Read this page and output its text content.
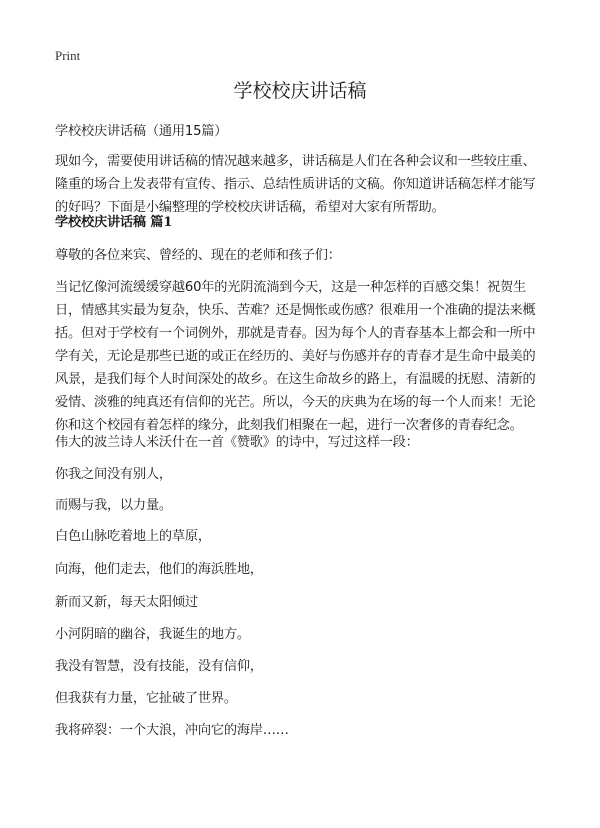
Print
学校校庆讲话稿

学校校庆讲话稿（通用15篇）

现如今，需要使用讲话稿的情况越来越多，讲话稿是人们在各种会议和一些较庄重、隆重的场合上发表带有宣传、指示、总结性质讲话的文稿。你知道讲话稿怎样才能写的好吗？下面是小编整理的学校校庆讲话稿，希望对大家有所帮助。

学校校庆讲话稿 篇1

尊敬的各位来宾、曾经的、现在的老师和孩子们：

当记忆像河流缓缓穿越60年的光阴流淌到今天，这是一种怎样的百感交集！祝贺生日，情感其实最为复杂，快乐、苦难？还是惆怅或伤感？很难用一个准确的提法来概括。但对于学校有一个词例外，那就是青春。因为每个人的青春基本上都会和一所中学有关，无论是那些已逝的或正在经历的、美好与伤感并存的青春才是生命中最美的风景，是我们每个人时间深处的故乡。在这生命故乡的路上，有温暖的抚慰、清新的爱情、淡雅的纯真还有信仰的光芒。所以，今天的庆典为在场的每一个人而来！无论你和这个校园有着怎样的缘分，此刻我们相聚在一起，进行一次奢侈的青春纪念。

伟大的波兰诗人米沃什在一首《赞歌》的诗中，写过这样一段：

你我之间没有别人，

而赐与我，以力量。

白色山脉吃着地上的草原，

向海，他们走去，他们的海浜胜地，

新而又新，每天太阳倾过

小河阴暗的幽谷，我诞生的地方。

我没有智慧，没有技能，没有信仰，

但我获有力量，它扯破了世界。

我将碎裂：一个大浪，冲向它的海岸……
